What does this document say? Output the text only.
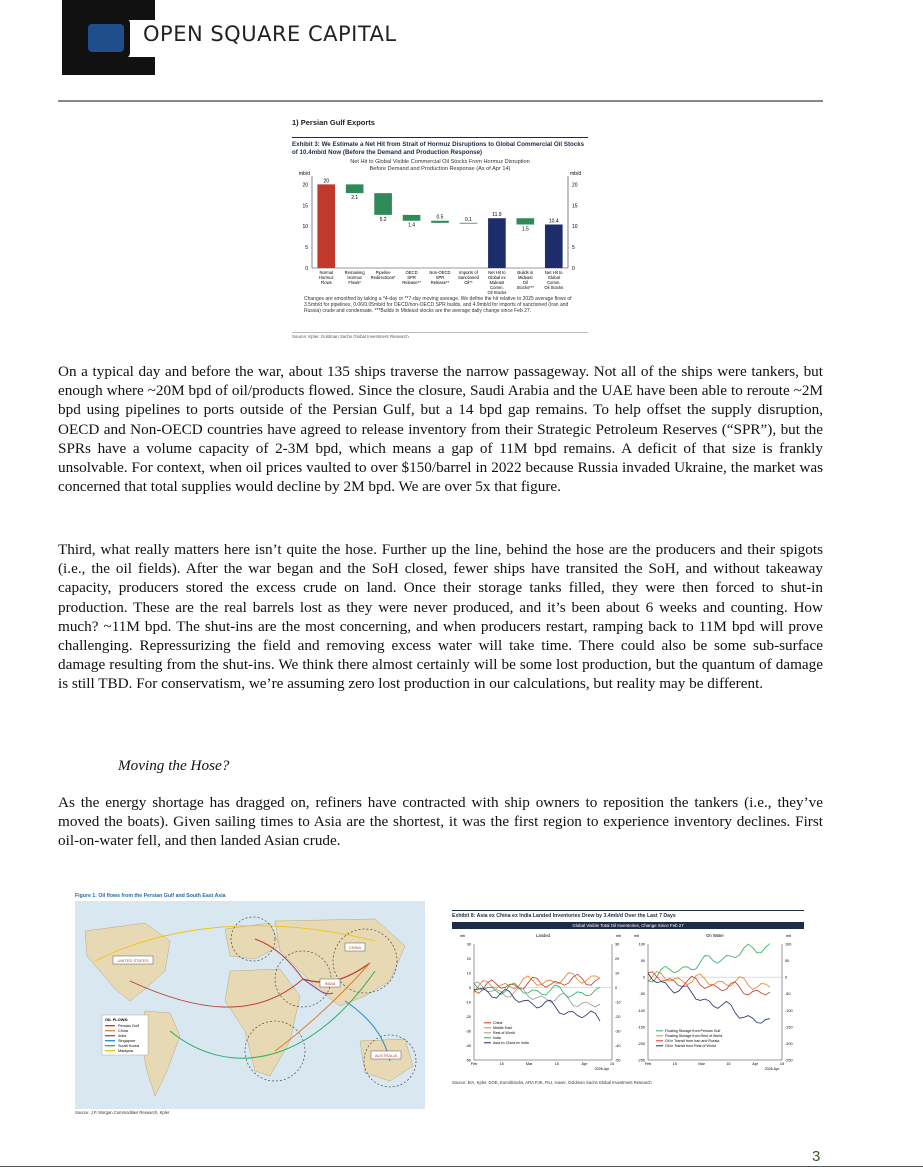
OPEN SQUARE CAPITAL
1) Persian Gulf Exports
Exhibit 3: We Estimate a Net Hit from Strait of Hormuz Disruptions to Global Commercial Oil Stocks of 10.4mb/d Now (Before the Demand and Production Response)
Net Hit to Global Visible Commercial Oil Stocks From Hormuz Disruption
Before Demand and Production Response (As of Apr 14)
mb/d	mb/d
0	0
5	5
10	10
15	15
20	20
20
Normal
Hormuz
Flows
2.1
Remaining
Hormuz
Flows*
5.2
Pipeline
Redirections*
1.4
OECD
SPR
Release**
0.5
Non-OECD
SPR
Release**
0.1
Imports of
Sanctioned
Oil**
11.9
Net Hit to
Global ex
Mideast
Comm.
Oil Stocks
1.5
Builds in
Mideast
Oil
Stocks***
10.4
Net Hit to
Global
Comm.
Oil Stocks
Changes are smoothed by taking a *4-day or **7-day moving average. We define the hit relative to 2025 average flows of 3.5mb/d for pipelines, 0.06/0.05mb/d for OECD/non-OECD SPR builds, and 4.9mb/d for imports of sanctioned (Iran and Russia) crude and condensate. ***Builds in Mideast stocks are the average daily change since Feb 27.
Source: Kpler, Goldman Sachs Global Investment Research
On a typical day and before the war, about 135 ships traverse the narrow passageway. Not all of the ships were tankers, but enough where ~20M bpd of oil/products flowed. Since the closure, Saudi Arabia and the UAE have been able to reroute ~2M bpd using pipelines to ports outside of the Persian Gulf, but a 14 bpd gap remains. To help offset the supply disruption, OECD and Non-OECD countries have agreed to release inventory from their Strategic Petroleum Reserves (“SPR”), but the SPRs have a volume capacity of 2-3M bpd, which means a gap of 11M bpd remains. A deficit of that size is frankly unsolvable. For context, when oil prices vaulted to over $150/barrel in 2022 because Russia invaded Ukraine, the market was concerned that total supplies would decline by 2M bpd. We are over 5x that figure.
Third, what really matters here isn’t quite the hose. Further up the line, behind the hose are the producers and their spigots (i.e., the oil fields). After the war began and the SoH closed, fewer ships have transited the SoH, and without takeaway capacity, producers stored the excess crude on land. Once their storage tanks filled, they were then forced to shut-in production. These are the real barrels lost as they were never produced, and it’s been about 6 weeks and counting. How much? ~11M bpd. The shut-ins are the most concerning, and when producers restart, ramping back to 11M bpd will prove challenging. Repressurizing the field and removing excess water will take time. There could also be some sub-surface damage resulting from the shut-ins. We think there almost certainly will be some lost production, but the quantum of damage is still TBD. For conservatism, we’re assuming zero lost production in our calculations, but reality may be different.
Moving the Hose?
As the energy shortage has dragged on, refiners have contracted with ship owners to reposition the tankers (i.e., they’ve moved the boats). Given sailing times to Asia are the shortest, it was the first region to experience inventory declines. First oil-on-water fell, and then landed Asian crude.
Figure 1: Oil flows from the Persian Gulf and South East Asia
UNITED STATES
CHINA
INDIA
AUSTRALIA
OIL FLOWS:
Persian Gulf
China
India
Singapore
South Korea
Malaysia
Source: J.P. Morgan Commodities Research, Kpler
Exhibit 8: Asia ex China ex India Landed Inventories Drew by 3.4mb/d Over the Last 7 Days
Global Visible Total Oil Inventories, Change Since Feb 27
Landed
mb	mb
30
20
10
0
-10
-20
-30
-40
-50
30
20
10
0
-10
-20
-30
-40
-50
Feb	15	Mar	15	Apr	15
2026-Apr
China
Middle East
Rest of World
India
Asia ex China ex India
On Water
mb	mb
100
50
0
-50
-100
-150
-200
-250
100
50
0
-50
-100
-150
-200
-250
Feb	15	Mar	15	Apr	15
2026-Apr
Floating Storage from Persian Gulf
Floating Storage from Rest of World
Oil in Transit from Iran and Russia
Oil in Transit from Rest of World
Source: EIA, Kpler, DOE, EuroilStocks, ARA PJK, PAJ, Haver, Goldman Sachs Global Investment Research
3
